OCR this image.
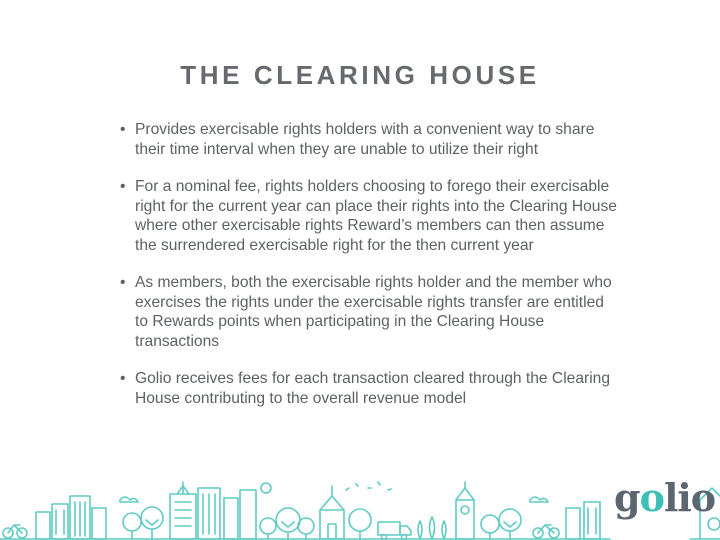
THE CLEARING HOUSE
• Provides exercisable rights holders with a convenient way to share their time interval when they are unable to utilize their right
• For a nominal fee, rights holders choosing to forego their exercisable right for the current year can place their rights into the Clearing House where other exercisable rights Reward’s members can then assume the surrendered exercisable right for the then current year
• As members, both the exercisable rights holder and the member who exercises the rights under the exercisable rights transfer are entitled to Rewards points when participating in the Clearing House transactions
• Golio receives fees for each transaction cleared through the Clearing House contributing to the overall revenue model
golio
